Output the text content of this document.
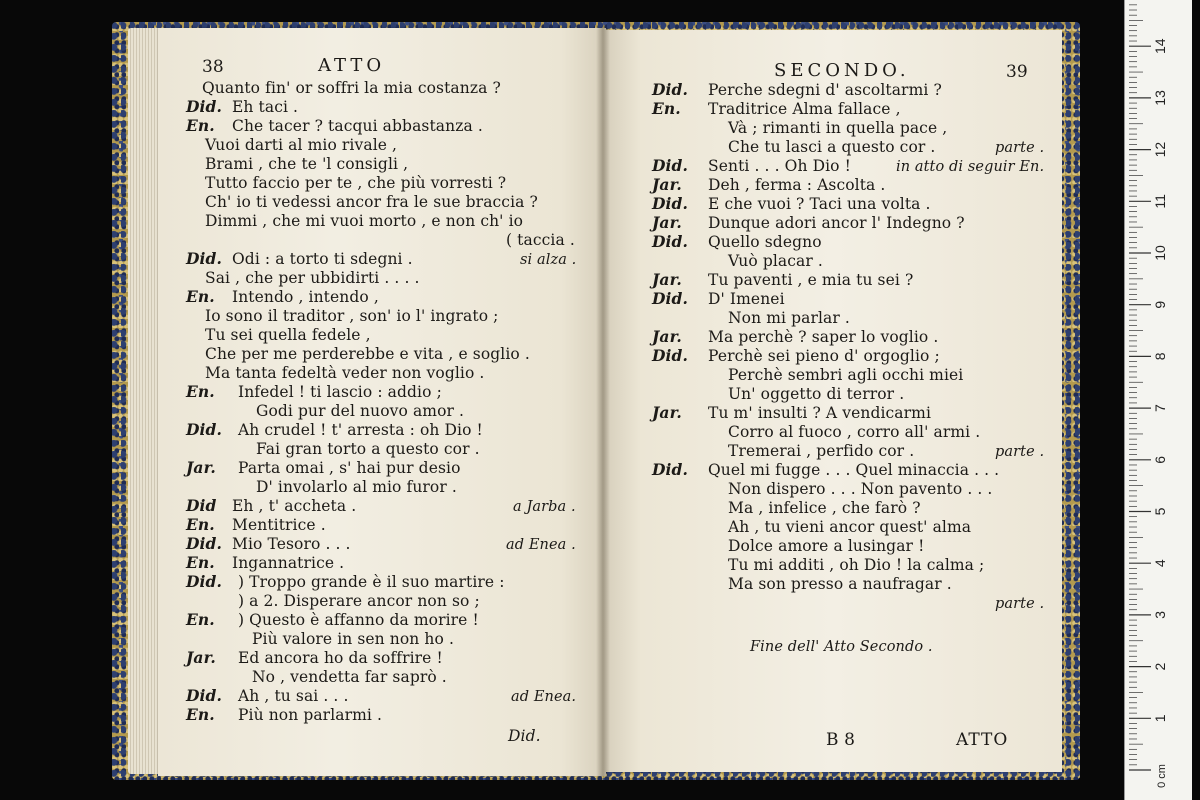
38	ATTO
Quanto fin' or soffri la mia costanza ?
Did. Eh taci .
En. Che tacer ? tacqui abbastanza .
Vuoi darti al mio rivale ,
Brami , che te 'l consigli ,
Tutto faccio per te , che più vorresti ?
Ch' io ti vedessi ancor fra le sue braccia ?
Dimmi , che mi vuoi morto , e non ch' io
( taccia .
Did. Odi : a torto ti sdegni .	si alza .
Sai , che per ubbidirti . . . .
En. Intendo , intendo ,
Io sono il traditor , son' io l' ingrato ;
Tu sei quella fedele ,
Che per me perderebbe e vita , e soglio .
Ma tanta fedeltà veder non voglio .
En. Infedel ! ti lascio : addio ;
Godi pur del nuovo amor .
Did. Ah crudel ! t' arresta : oh Dio !
Fai gran torto a questo cor .
Jar. Parta omai , s' hai pur desio
D' involarlo al mio furor .
Did Eh , t' accheta .	a Jarba .
En. Mentitrice .
Did. Mio Tesoro . . .	ad Enea .
En. Ingannatrice .
Did. ) Troppo grande è il suo martire :
) a 2. Disperare ancor non so ;
En. ) Questo è affanno da morire !
Più valore in sen non ho .
Jar. Ed ancora ho da soffrire !
No , vendetta far saprò .
Did. Ah , tu sai . . .	ad Enea.
En. Più non parlarmi .
Did.
SECONDO.	39
Did. Perche sdegni d' ascoltarmi ?
En. Traditrice Alma fallace ,
Và ; rimanti in quella pace ,
Che tu lasci a questo cor .	parte .
Did. Senti . . . Oh Dio !	in atto di seguir En.
Jar. Deh , ferma : Ascolta .
Did. E che vuoi ? Taci una volta .
Jar. Dunque adori ancor l' Indegno ?
Did. Quello sdegno
Vuò placar .
Jar. Tu paventi , e mia tu sei ?
Did. D' Imenei
Non mi parlar .
Jar. Ma perchè ? saper lo voglio .
Did. Perchè sei pieno d' orgoglio ;
Perchè sembri agli occhi miei
Un' oggetto di terror .
Jar. Tu m' insulti ? A vendicarmi
Corro al fuoco , corro all' armi .
Tremerai , perfido cor .	parte .
Did. Quel mi fugge . . . Quel minaccia . . .
Non dispero . . . Non pavento . . .
Ma , infelice , che farò ?
Ah , tu vieni ancor quest' alma
Dolce amore a lusingar !
Tu mi additi , oh Dio ! la calma ;
Ma son presso a naufragar .
parte .
Fine dell' Atto Secondo .
B 8	ATTO
1
2
3
4
5
6
7
8
9
10
11
12
13
14
0 cm
